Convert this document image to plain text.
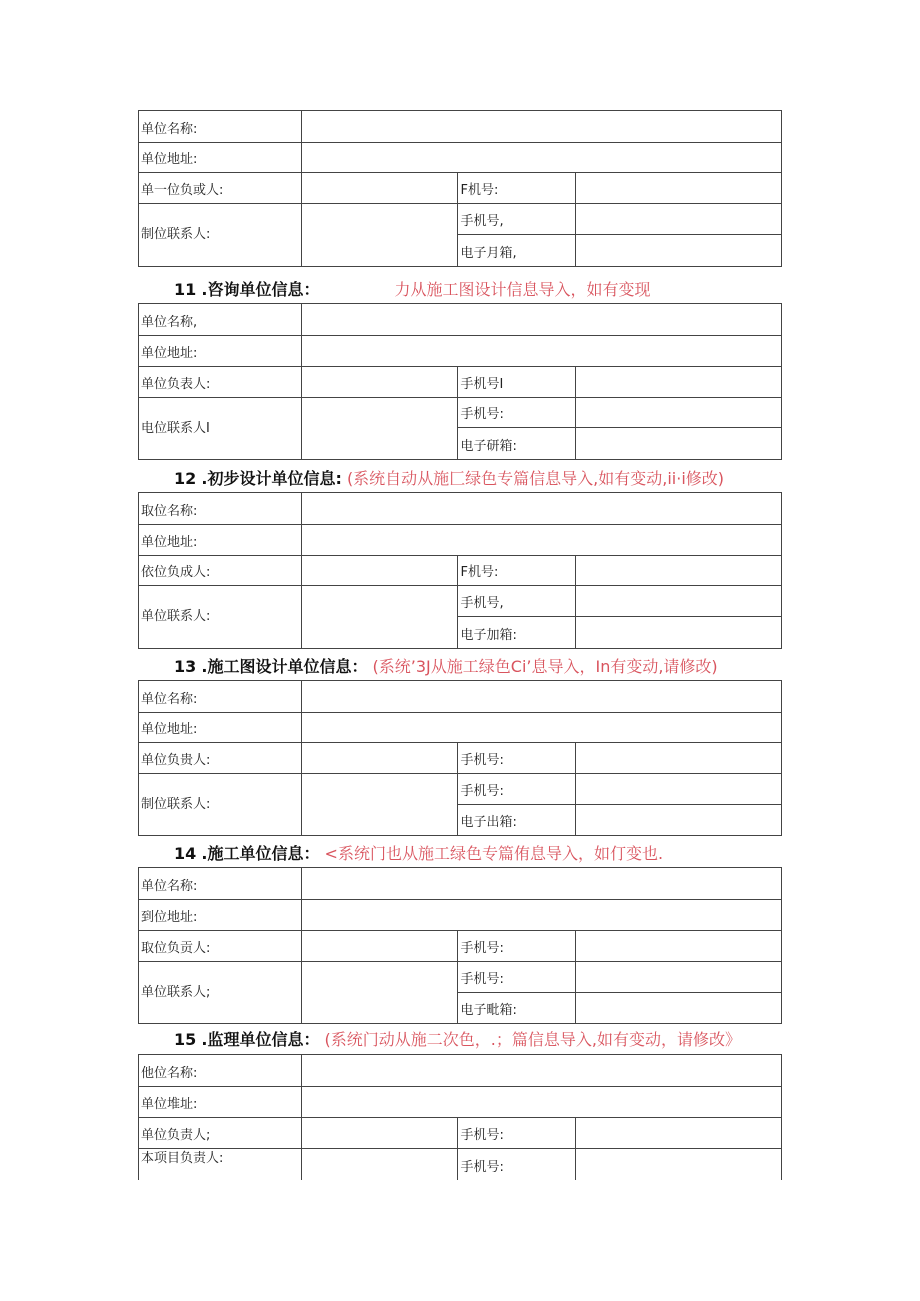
单位名称:			
单位地址:			
单一位负或人:		F机号:	
制位联系人:		手机号,	
		电子月箱,	
11 .咨询单位信息：	力从施工图设计信息导入，如有变现
单位名称,			
单位地址:			
单位负表人:		手机号I	
电位联系人I		手机号:	
		电子研箱:	
12 .初步设计单位信息: (系统自动从施匚绿色专篇信息导入,如有变动,ii·i修改)
取位名称:			
单位地址:			
依位负成人:		F机号:	
单位联系人:		手机号,	
		电子加箱:	
13 .施工图设计单位信息： (系统’3J从施工绿色Ci’息导入，In有变动,请修改)
单位名称:			
单位地址:			
单位负贵人:		手机号:	
制位联系人:		手机号:	
		电子出箱:	
14 .施工单位信息： <系统门也从施工绿色专篇侑息导入，如仃变也.
单位名称:			
到位地址:			
取位负贡人:		手机号:	
单位联系人;		手机号:	
		电子毗箱:	
15 .监理单位信息： (系统门动从施二次色，.；篇信息导入,如有变动，请修改》
他位名称:			
单位堆址:			
单位负责人;		手机号:	
本项目负责人:		手机号:	
